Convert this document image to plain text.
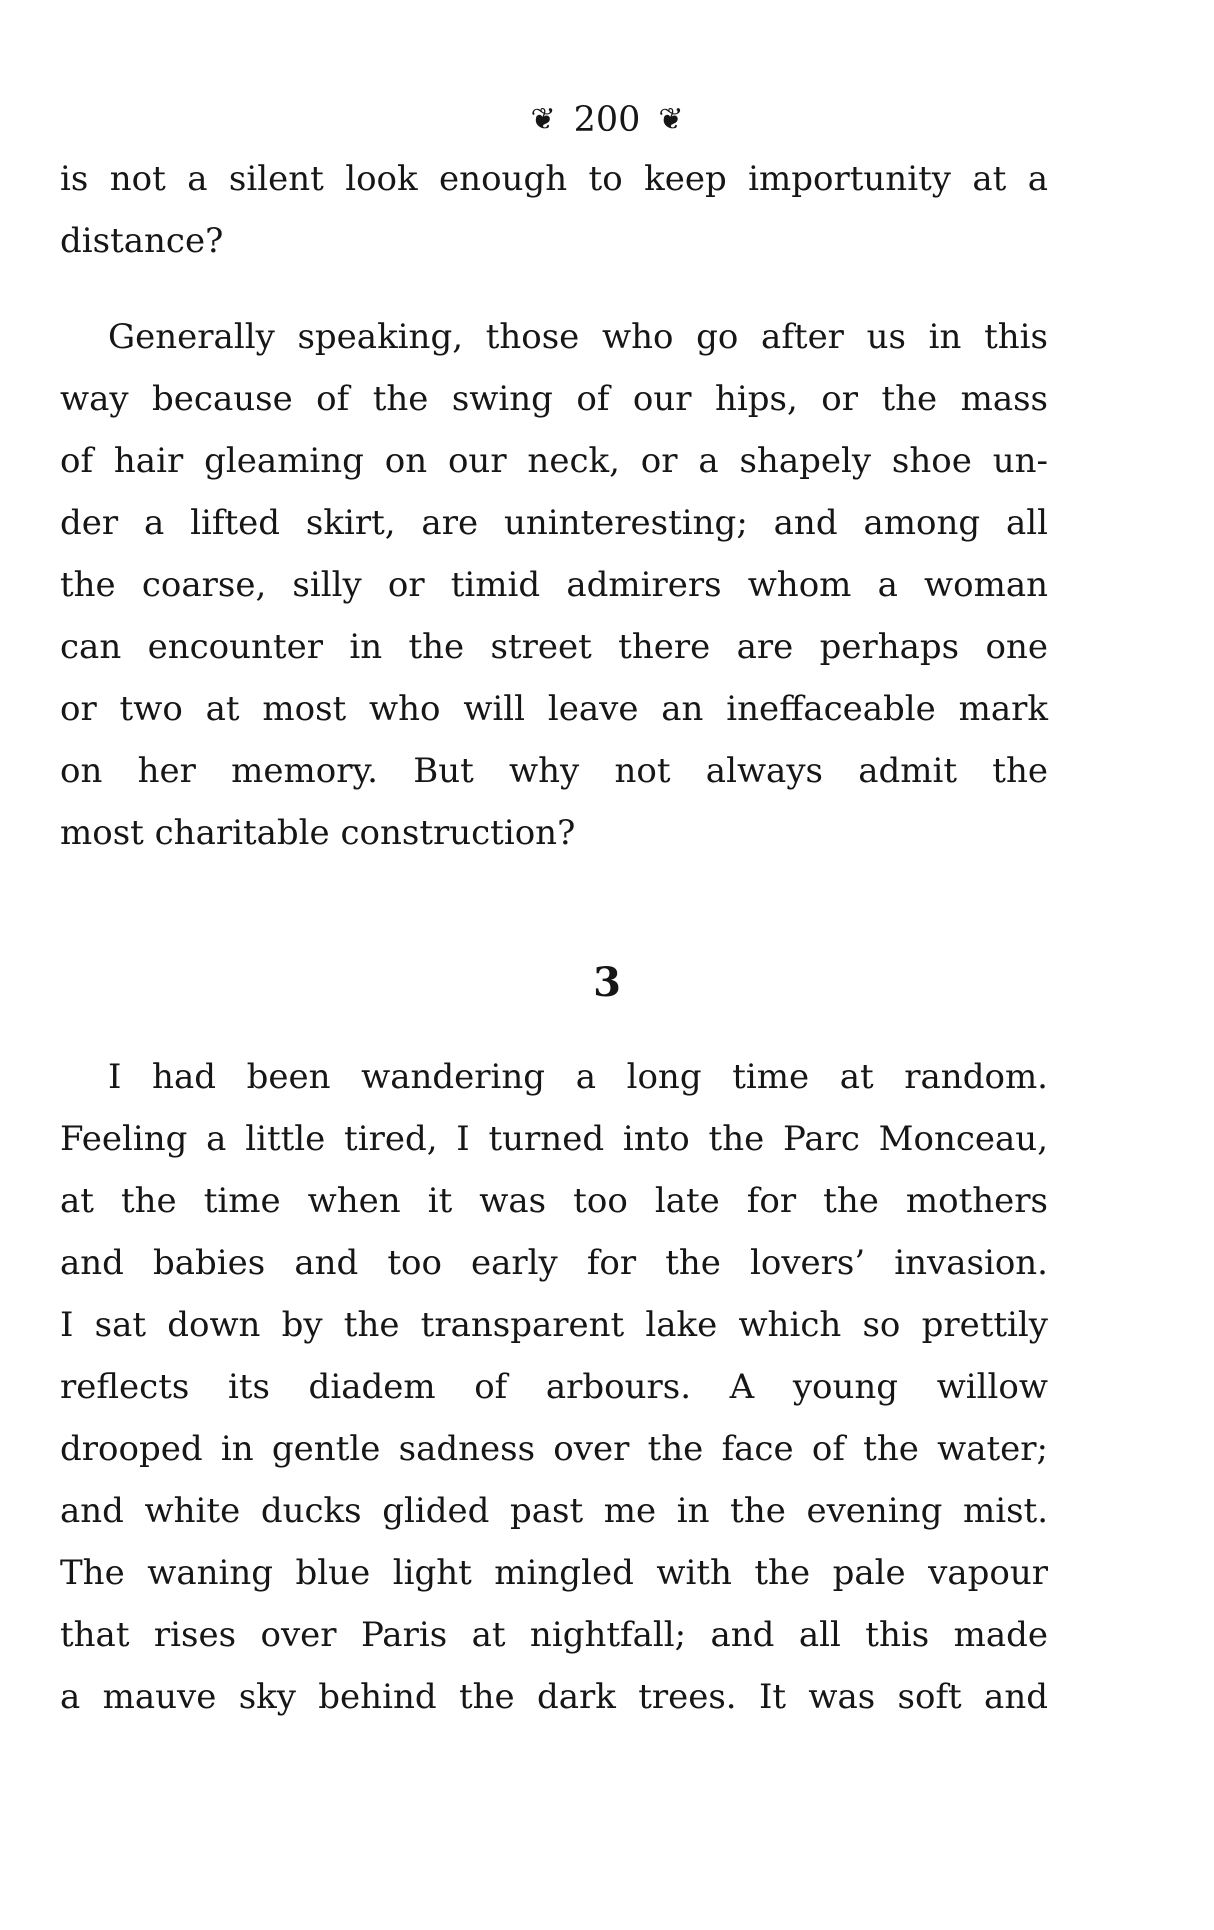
❦ 200 ❦
is not a silent look enough to keep importunity at a
distance?
Generally speaking, those who go after us in this
way because of the swing of our hips, or the mass
of hair gleaming on our neck, or a shapely shoe un-
der a lifted skirt, are uninteresting; and among all
the coarse, silly or timid admirers whom a woman
can encounter in the street there are perhaps one
or two at most who will leave an ineffaceable mark
on her memory. But why not always admit the
most charitable construction?
3
I had been wandering a long time at random.
Feeling a little tired, I turned into the Parc Monceau,
at the time when it was too late for the mothers
and babies and too early for the lovers’ invasion.
I sat down by the transparent lake which so prettily
reflects its diadem of arbours. A young willow
drooped in gentle sadness over the face of the water;
and white ducks glided past me in the evening mist.
The waning blue light mingled with the pale vapour
that rises over Paris at nightfall; and all this made
a mauve sky behind the dark trees. It was soft and
